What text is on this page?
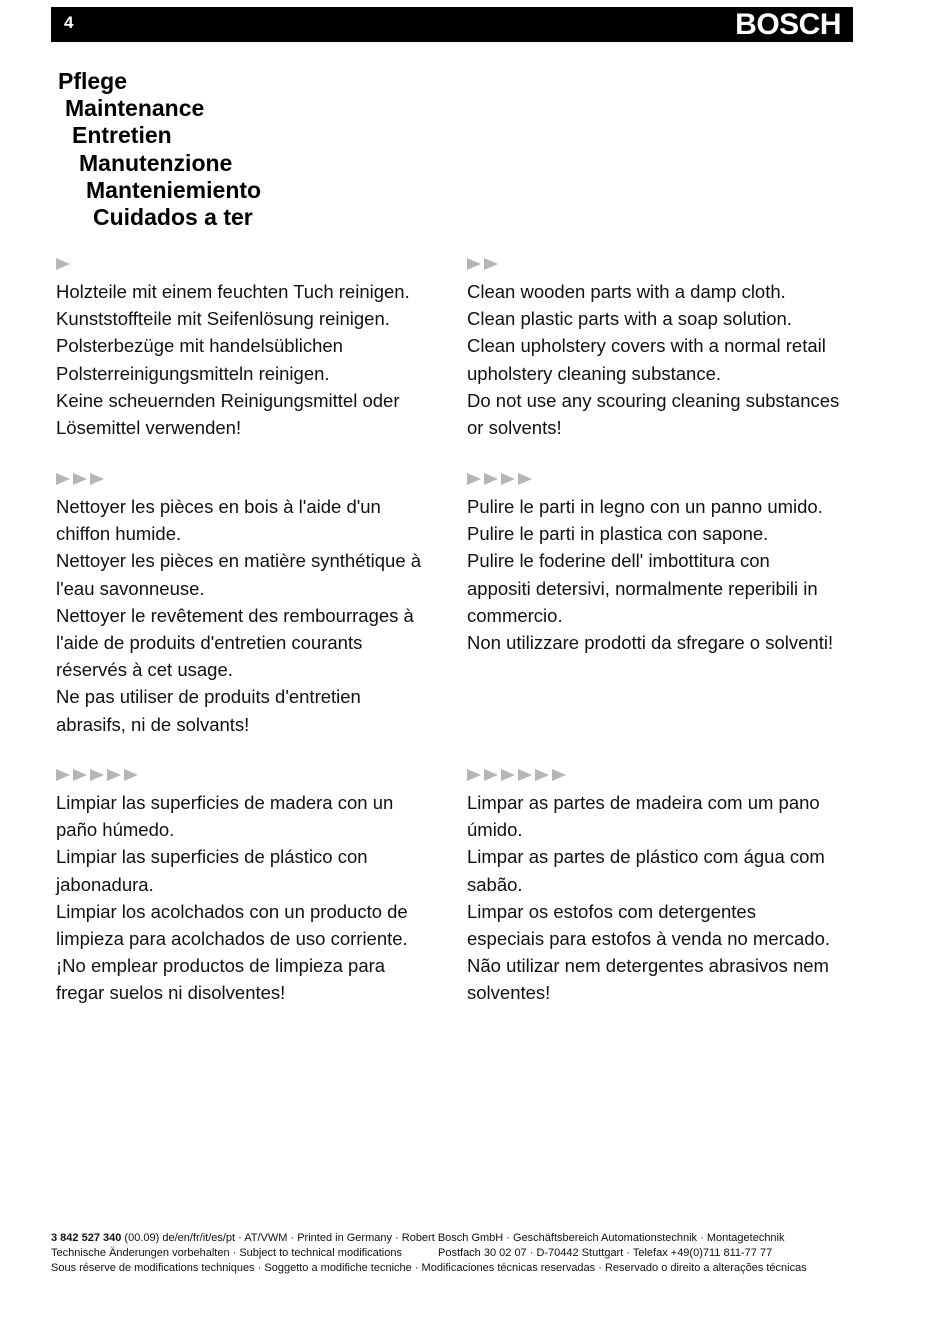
4	BOSCH
Pflege
Maintenance
Entretien
Manutenzione
Manteniemiento
Cuidados a ter

Holzteile mit einem feuchten Tuch reinigen.

Kunststoffteile mit Seifenlösung reinigen.

Polsterbezüge mit handelsüblichen

Polsterreinigungsmitteln reinigen.

Keine scheuernden Reinigungsmittel oder

Lösemittel verwenden!

Clean wooden parts with a damp cloth.

Clean plastic parts with a soap solution.

Clean upholstery covers with a normal retail

upholstery cleaning substance.

Do not use any scouring cleaning substances

or solvents!

Nettoyer les pièces en bois à l'aide d'un

chiffon humide.

Nettoyer les pièces en matière synthétique à

l'eau savonneuse.

Nettoyer le revêtement des rembourrages à

l'aide de produits d'entretien courants

réservés à cet usage.

Ne pas utiliser de produits d'entretien

abrasifs, ni de solvants!

Pulire le parti in legno con un panno umido.

Pulire le parti in plastica con sapone.

Pulire le foderine dell' imbottitura con

appositi detersivi, normalmente reperibili in

commercio.

Non utilizzare prodotti da sfregare o solventi!

Limpiar las superficies de madera con un

paño húmedo.

Limpiar las superficies de plástico con

jabonadura.

Limpiar los acolchados con un producto de

limpieza para acolchados de uso corriente.

¡No emplear productos de limpieza para

fregar suelos ni disolventes!

Limpar as partes de madeira com um pano

úmido.

Limpar as partes de plástico com água com

sabão.

Limpar os estofos com detergentes

especiais para estofos à venda no mercado.

Não utilizar nem detergentes abrasivos nem

solventes!

3 842 527 340 (00.09) de/en/fr/it/es/pt · AT/VWM · Printed in Germany · Robert Bosch GmbH · Geschäftsbereich Automationstechnik · Montagetechnik
Technische Änderungen vorbehalten · Subject to technical modifications	Postfach 30 02 07 · D-70442 Stuttgart · Telefax +49(0)711 811-77 77
Sous réserve de modifications techniques · Soggetto a modifiche tecniche · Modificaciones técnicas reservadas · Reservado o direito a alterações técnicas
